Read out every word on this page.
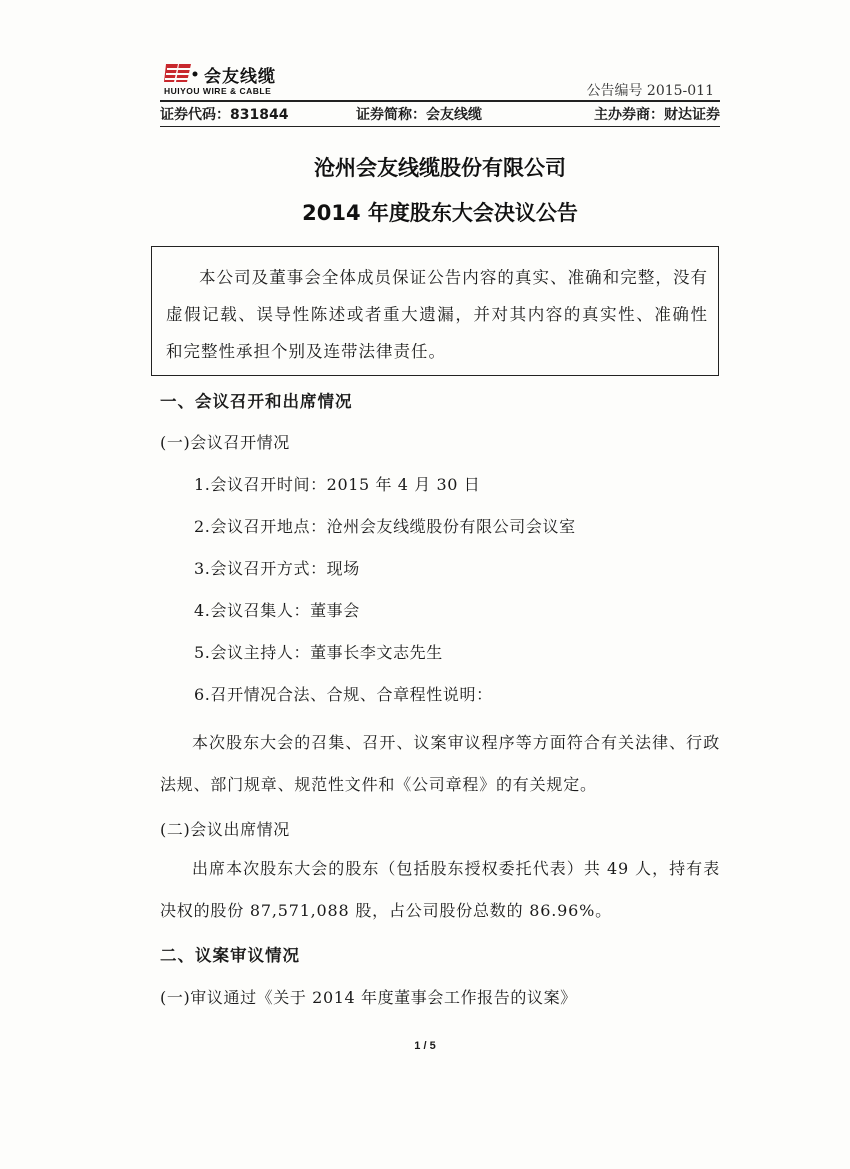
会友线缆
HUIYOU WIRE & CABLE	公告编号 2015-011
证券代码：831844	证券简称：会友线缆	主办券商：财达证券
沧州会友线缆股份有限公司
2014 年度股东大会决议公告
本公司及董事会全体成员保证公告内容的真实、准确和完整，没有虚假记载、误导性陈述或者重大遗漏，并对其内容的真实性、准确性和完整性承担个别及连带法律责任。
一、会议召开和出席情况
(一)会议召开情况
1.会议召开时间：2015 年 4 月 30 日
2.会议召开地点：沧州会友线缆股份有限公司会议室
3.会议召开方式：现场
4.会议召集人：董事会
5.会议主持人：董事长李文志先生
6.召开情况合法、合规、合章程性说明：
本次股东大会的召集、召开、议案审议程序等方面符合有关法律、行政法规、部门规章、规范性文件和《公司章程》的有关规定。
(二)会议出席情况
出席本次股东大会的股东（包括股东授权委托代表）共 49 人，持有表决权的股份 87,571,088 股，占公司股份总数的 86.96%。
二、议案审议情况
(一)审议通过《关于 2014 年度董事会工作报告的议案》
1 / 5
